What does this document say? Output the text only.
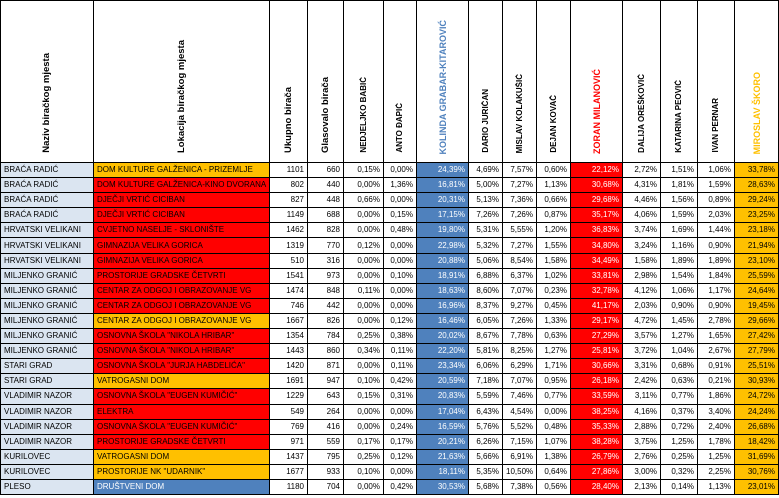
Naziv biračkog mjesta	Lokacija biračkog mjesta	Ukupno birača	Glasovalo birača	NEDJELJKO BABIĆ	ANTO ĐAPIĆ	KOLINDA GRABAR-KITAROVIĆ	DARIO JURIČAN	MISLAV KOLAKUŠIĆ	DEJAN KOVAČ	ZORAN MILANOVIĆ	DALIJA OREŠKOVIĆ	KATARINA PEOVIĆ	IVAN PERNAR	MIROSLAV ŠKORO
BRAĆA RADIĆ	DOM KULTURE GALŽENICA - PRIZEMLJE	1101	660	0,15%	0,00%	24,39%	4,69%	7,57%	0,60%	22,12%	2,72%	1,51%	1,06%	33,78%
BRAĆA RADIĆ	DOM KULTURE GALŽENICA-KINO DVORANA	802	440	0,00%	1,36%	16,81%	5,00%	7,27%	1,13%	30,68%	4,31%	1,81%	1,59%	28,63%
BRAĆA RADIĆ	DJEČJI VRTIĆ CICIBAN	827	448	0,66%	0,00%	20,31%	5,13%	7,36%	0,66%	29,68%	4,46%	1,56%	0,89%	29,24%
BRAĆA RADIĆ	DJEČJI VRTIĆ CICIBAN	1149	688	0,00%	0,15%	17,15%	7,26%	7,26%	0,87%	35,17%	4,06%	1,59%	2,03%	23,25%
HRVATSKI VELIKANI	CVJETNO NASELJE - SKLONIŠTE	1462	828	0,00%	0,48%	19,80%	5,31%	5,55%	1,20%	36,83%	3,74%	1,69%	1,44%	23,18%
HRVATSKI VELIKANI	GIMNAZIJA VELIKA GORICA	1319	770	0,12%	0,00%	22,98%	5,32%	7,27%	1,55%	34,80%	3,24%	1,16%	0,90%	21,94%
HRVATSKI VELIKANI	GIMNAZIJA VELIKA GORICA	510	316	0,00%	0,00%	20,88%	5,06%	8,54%	1,58%	34,49%	1,58%	1,89%	1,89%	23,10%
MILJENKO GRANIĆ	PROSTORIJE GRADSKE ČETVRTI	1541	973	0,00%	0,10%	18,91%	6,88%	6,37%	1,02%	33,81%	2,98%	1,54%	1,84%	25,59%
MILJENKO GRANIĆ	CENTAR ZA ODGOJ I OBRAZOVANJE VG	1474	848	0,11%	0,00%	18,63%	8,60%	7,07%	0,23%	32,78%	4,12%	1,06%	1,17%	24,64%
MILJENKO GRANIĆ	CENTAR ZA ODGOJ I OBRAZOVANJE VG	746	442	0,00%	0,00%	16,96%	8,37%	9,27%	0,45%	41,17%	2,03%	0,90%	0,90%	19,45%
MILJENKO GRANIĆ	CENTAR ZA ODGOJ I OBRAZOVANJE VG	1667	826	0,00%	0,12%	16,46%	6,05%	7,26%	1,33%	29,17%	4,72%	1,45%	2,78%	29,66%
MILJENKO GRANIĆ	OSNOVNA ŠKOLA "NIKOLA HRIBAR"	1354	784	0,25%	0,38%	20,02%	8,67%	7,78%	0,63%	27,29%	3,57%	1,27%	1,65%	27,42%
MILJENKO GRANIĆ	OSNOVNA ŠKOLA "NIKOLA HRIBAR"	1443	860	0,34%	0,11%	22,20%	5,81%	8,25%	1,27%	25,81%	3,72%	1,04%	2,67%	27,79%
STARI GRAD	OSNOVNA ŠKOLA "JURJA HABDELIĆA"	1420	871	0,00%	0,11%	23,34%	6,06%	6,29%	1,71%	30,66%	3,31%	0,68%	0,91%	25,51%
STARI GRAD	VATROGASNI DOM	1691	947	0,10%	0,42%	20,59%	7,18%	7,07%	0,95%	26,18%	2,42%	0,63%	0,21%	30,93%
VLADIMIR NAZOR	OSNOVNA ŠKOLA "EUGEN KUMIČIĆ"	1229	643	0,15%	0,31%	20,83%	5,59%	7,46%	0,77%	33,59%	3,11%	0,77%	1,86%	24,72%
VLADIMIR NAZOR	ELEKTRA	549	264	0,00%	0,00%	17,04%	6,43%	4,54%	0,00%	38,25%	4,16%	0,37%	3,40%	24,24%
VLADIMIR NAZOR	OSNOVNA ŠKOLA "EUGEN KUMIČIĆ"	769	416	0,00%	0,24%	16,59%	5,76%	5,52%	0,48%	35,33%	2,88%	0,72%	2,40%	26,68%
VLADIMIR NAZOR	PROSTORIJE GRADSKE ČETVRTI	971	559	0,17%	0,17%	20,21%	6,26%	7,15%	1,07%	38,28%	3,75%	1,25%	1,78%	18,42%
KURILOVEC	VATROGASNI DOM	1437	795	0,25%	0,12%	21,63%	5,66%	6,91%	1,38%	26,79%	2,76%	0,25%	1,25%	31,69%
KURILOVEC	PROSTORIJE NK "UDARNIK"	1677	933	0,10%	0,00%	18,11%	5,35%	10,50%	0,64%	27,86%	3,00%	0,32%	2,25%	30,76%
PLESO	DRUŠTVENI DOM	1180	704	0,00%	0,42%	30,53%	5,68%	7,38%	0,56%	28,40%	2,13%	0,14%	1,13%	23,01%
